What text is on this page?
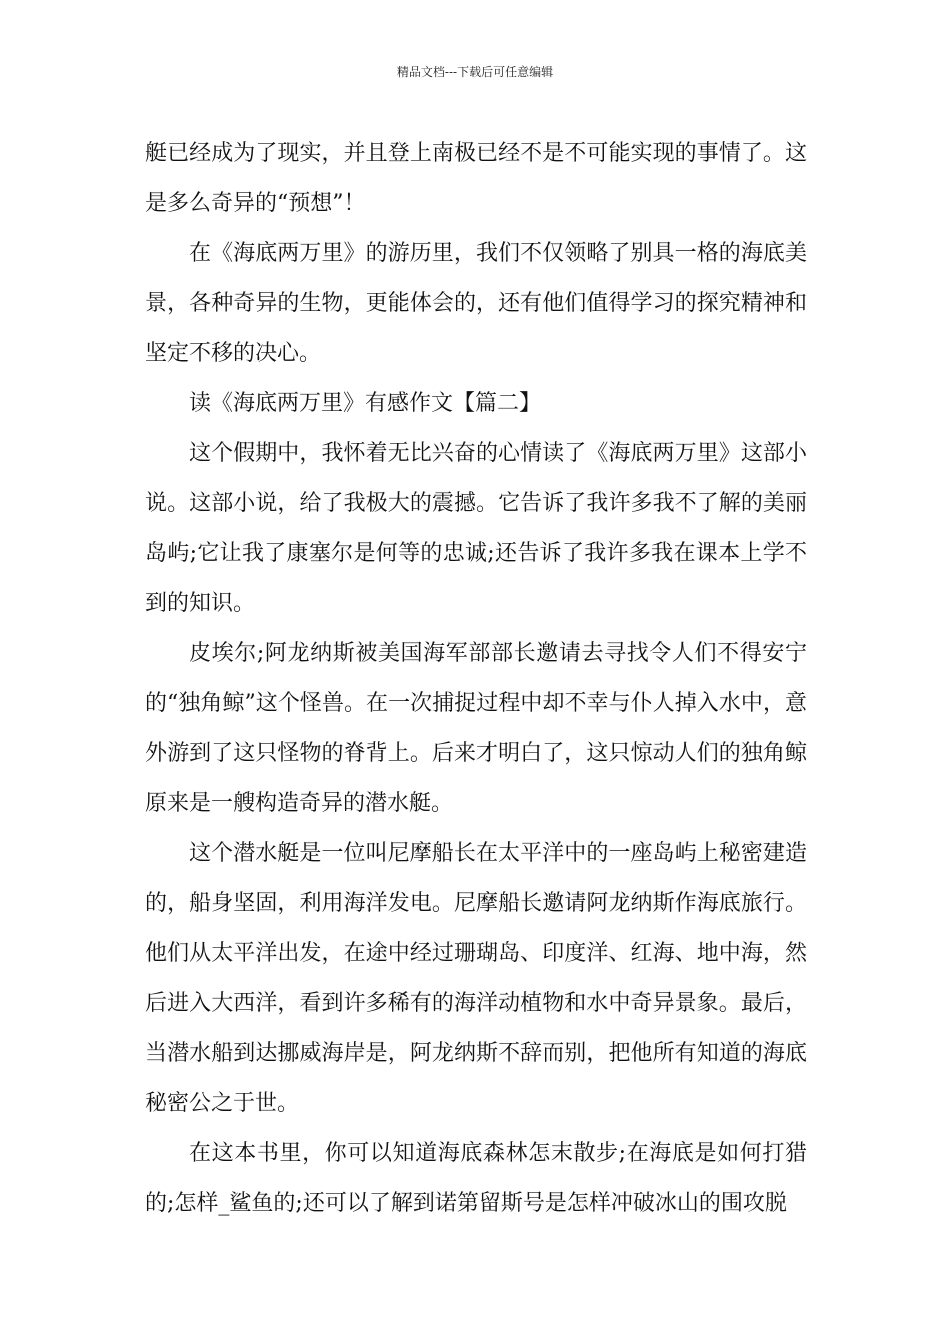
精品文档---下载后可任意编辑

艇已经成为了现实，并且登上南极已经不是不可能实现的事情了。这是多么奇异的“预想”！

在《海底两万里》的游历里，我们不仅领略了别具一格的海底美景，各种奇异的生物，更能体会的，还有他们值得学习的探究精神和坚定不移的决心。

读《海底两万里》有感作文【篇二】

这个假期中，我怀着无比兴奋的心情读了《海底两万里》这部小说。这部小说，给了我极大的震撼。它告诉了我许多我不了解的美丽岛屿;它让我了康塞尔是何等的忠诚;还告诉了我许多我在课本上学不到的知识。

皮埃尔;阿龙纳斯被美国海军部部长邀请去寻找令人们不得安宁的“独角鲸”这个怪兽。在一次捕捉过程中却不幸与仆人掉入水中，意外游到了这只怪物的脊背上。后来才明白了，这只惊动人们的独角鲸原来是一艘构造奇异的潜水艇。

这个潜水艇是一位叫尼摩船长在太平洋中的一座岛屿上秘密建造的，船身坚固，利用海洋发电。尼摩船长邀请阿龙纳斯作海底旅行。他们从太平洋出发，在途中经过珊瑚岛、印度洋、红海、地中海，然后进入大西洋，看到许多稀有的海洋动植物和水中奇异景象。最后，当潜水船到达挪威海岸是，阿龙纳斯不辞而别，把他所有知道的海底秘密公之于世。

在这本书里，你可以知道海底森林怎末散步;在海底是如何打猎的;怎样_鲨鱼的;还可以了解到诺第留斯号是怎样冲破冰山的围攻脱
